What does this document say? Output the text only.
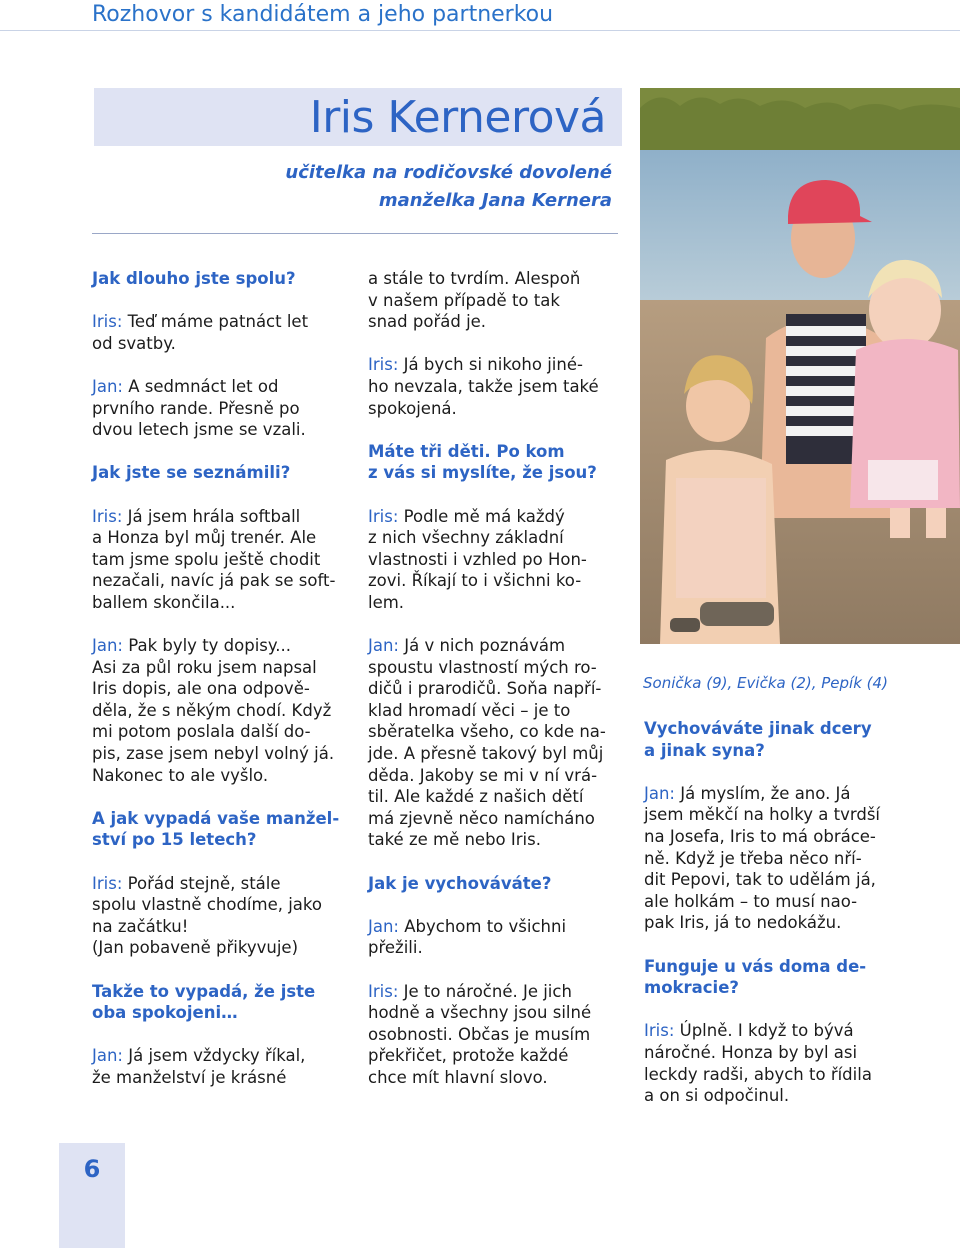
Rozhovor s kandidátem a jeho partnerkou
Iris Kernerová
učitelka na rodičovské dovolené
manželka Jana Kernera
Sonička (9), Evička (2), Pepík (4)

Jak dlouho jste spolu?

Iris: Teď máme patnáct let
od svatby.

Jan: A sedmnáct let od
prvního rande. Přesně po
dvou letech jsme se vzali.

Jak jste se seznámili?

Iris: Já jsem hrála softball
a Honza byl můj trenér. Ale
tam jsme spolu ještě chodit
nezačali, navíc já pak se soft-
ballem skončila...

Jan: Pak byly ty dopisy...
Asi za půl roku jsem napsal
Iris dopis, ale ona odpově-
děla, že s někým chodí. Když
mi potom poslala další do-
pis, zase jsem nebyl volný já.
Nakonec to ale vyšlo.

A jak vypadá vaše manžel-
ství po 15 letech?

Iris: Pořád stejně, stále
spolu vlastně chodíme, jako
na začátku!
(Jan pobaveně přikyvuje)

Takže to vypadá, že jste
oba spokojeni…

Jan: Já jsem vždycky říkal,
že manželství je krásné

a stále to tvrdím. Alespoň
v našem případě to tak
snad pořád je.

Iris: Já bych si nikoho jiné-
ho nevzala, takže jsem také
spokojená.

Máte tři děti. Po kom
z vás si myslíte, že jsou?

Iris: Podle mě má každý
z nich všechny základní
vlastnosti i vzhled po Hon-
zovi. Říkají to i všichni ko-
lem.

Jan: Já v nich poznávám
spoustu vlastností mých ro-
dičů i prarodičů. Soňa napří-
klad hromadí věci – je to
sběratelka všeho, co kde na-
jde. A přesně takový byl můj
děda. Jakoby se mi v ní vrá-
til. Ale každé z našich dětí
má zjevně něco namícháno
také ze mě nebo Iris.

Jak je vychováváte?

Jan: Abychom to všichni
přežili.

Iris: Je to náročné. Je jich
hodně a všechny jsou silné
osobnosti. Občas je musím
překřičet, protože každé
chce mít hlavní slovo.

Vychováváte jinak dcery
a jinak syna?

Jan: Já myslím, že ano. Já
jsem měkčí na holky a tvrdší
na Josefa, Iris to má obráce-
ně. Když je třeba něco nří-
dit Pepovi, tak to udělám já,
ale holkám – to musí nao-
pak Iris, já to nedokážu.

Funguje u vás doma de-
mokracie?

Iris: Úplně. I když to bývá
náročné. Honza by byl asi
leckdy radši, abych to řídila
a on si odpočinul.

6
